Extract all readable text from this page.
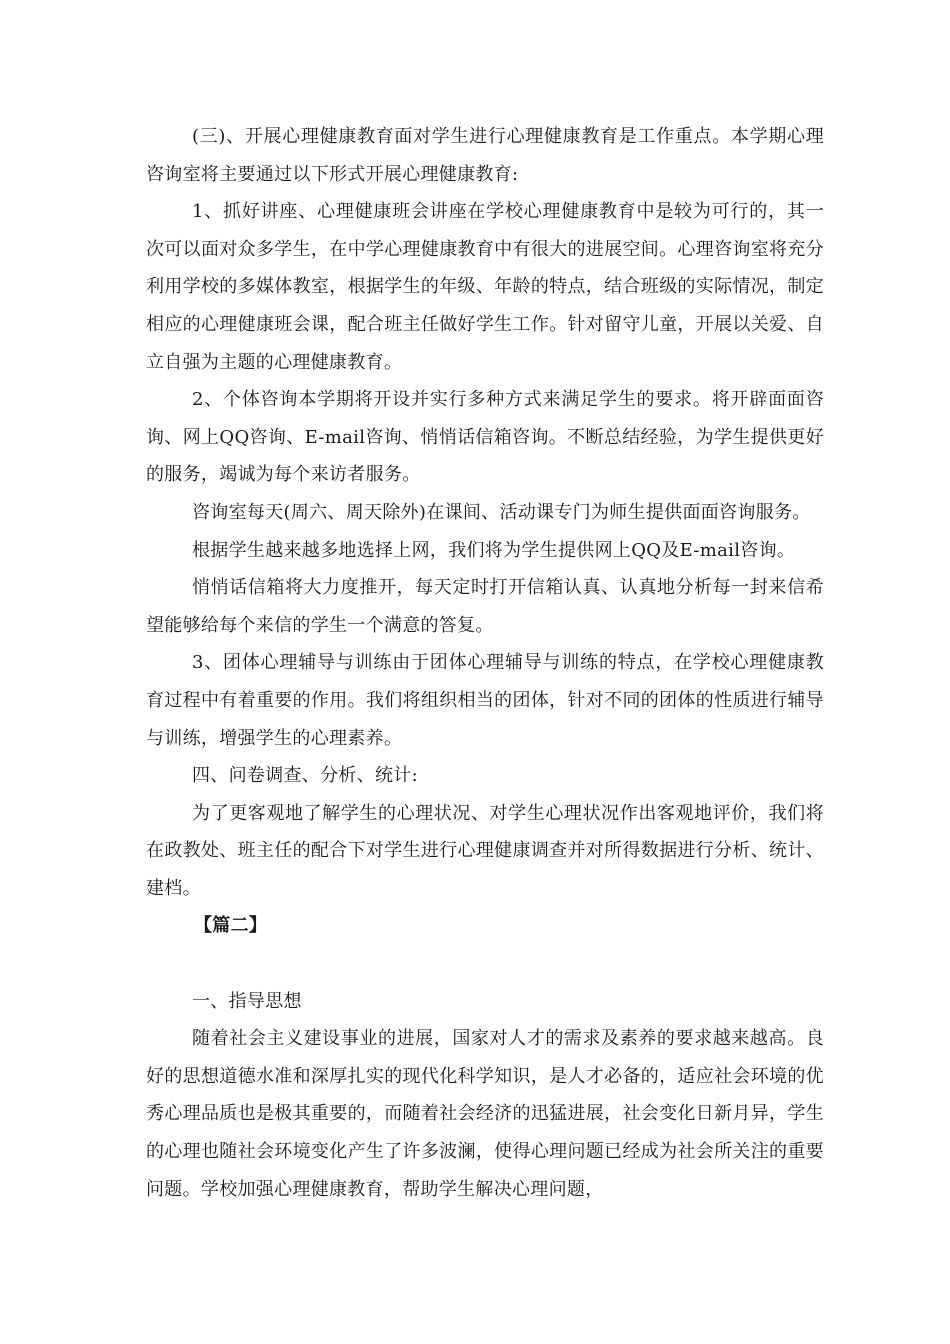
(三)、开展心理健康教育面对学生进行心理健康教育是工作重点。本学期心理咨询室将主要通过以下形式开展心理健康教育:

1、抓好讲座、心理健康班会讲座在学校心理健康教育中是较为可行的，其一次可以面对众多学生，在中学心理健康教育中有很大的进展空间。心理咨询室将充分利用学校的多媒体教室，根据学生的年级、年龄的特点，结合班级的实际情况，制定相应的心理健康班会课，配合班主任做好学生工作。针对留守儿童，开展以关爱、自立自强为主题的心理健康教育。

2、个体咨询本学期将开设并实行多种方式来满足学生的要求。将开辟面面咨询、网上QQ咨询、E-mail咨询、悄悄话信箱咨询。不断总结经验，为学生提供更好的服务，竭诚为每个来访者服务。

咨询室每天(周六、周天除外)在课间、活动课专门为师生提供面面咨询服务。

根据学生越来越多地选择上网，我们将为学生提供网上QQ及E-mail咨询。

悄悄话信箱将大力度推开，每天定时打开信箱认真、认真地分析每一封来信希望能够给每个来信的学生一个满意的答复。

3、团体心理辅导与训练由于团体心理辅导与训练的特点，在学校心理健康教育过程中有着重要的作用。我们将组织相当的团体，针对不同的团体的性质进行辅导与训练，增强学生的心理素养。

四、问卷调查、分析、统计:

为了更客观地了解学生的心理状况、对学生心理状况作出客观地评价，我们将在政教处、班主任的配合下对学生进行心理健康调查并对所得数据进行分析、统计、建档。

【篇二】

一、指导思想

随着社会主义建设事业的进展，国家对人才的需求及素养的要求越来越高。良好的思想道德水准和深厚扎实的现代化科学知识，是人才必备的，适应社会环境的优秀心理品质也是极其重要的，而随着社会经济的迅猛进展，社会变化日新月异，学生的心理也随社会环境变化产生了许多波澜，使得心理问题已经成为社会所关注的重要问题。学校加强心理健康教育，帮助学生解决心理问题，
